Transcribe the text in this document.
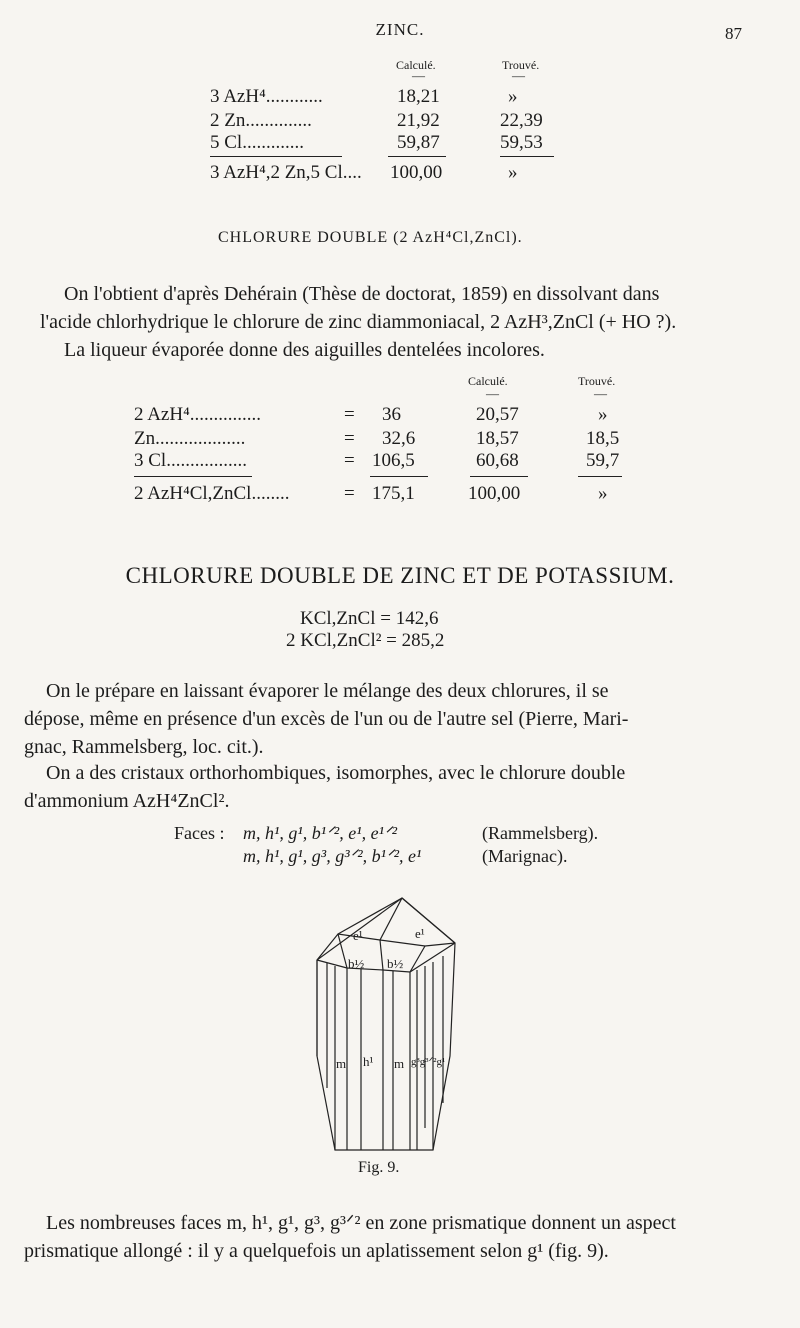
ZINC.	87
Calculé.	Trouvé.
—	—
3 AzH⁴............	18,21	»
2 Zn..............	21,92	22,39
5 Cl.............	59,87	59,53
3 AzH⁴,2 Zn,5 Cl.... 100,00	»
CHLORURE DOUBLE (2 AzH⁴Cl,ZnCl).
On l'obtient d'après Dehérain (Thèse de doctorat, 1859) en dissolvant dans
l'acide chlorhydrique le chlorure de zinc diammoniacal, 2 AzH³,ZnCl (+ HO ?).
La liqueur évaporée donne des aiguilles dentelées incolores.
Calculé.	Trouvé.
—	—
2 AzH⁴...............	= 36	20,57	»
Zn...................	= 32,6	18,57	18,5
3 Cl.................	= 106,5	60,68	59,7
2 AzH⁴Cl,ZnCl........	= 175,1	100,00	»
CHLORURE DOUBLE DE ZINC ET DE POTASSIUM.
KCl,ZnCl = 142,6
2 KCl,ZnCl² = 285,2
On le prépare en laissant évaporer le mélange des deux chlorures, il se
dépose, même en présence d'un excès de l'un ou de l'autre sel (Pierre, Mari-
gnac, Rammelsberg, loc. cit.).
On a des cristaux orthorhombiques, isomorphes, avec le chlorure double
d'ammonium AzH⁴ZnCl².
Faces : m, h¹, g¹, b¹ᐟ², e¹, e¹ᐟ²	(Rammelsberg).
m, h¹, g¹, g³, g³ᐟ², b¹ᐟ², e¹	(Marignac).
e¹	e¹
b½ b½
m h¹ m g³g³ᐟ²g¹
Fig. 9.
Les nombreuses faces m, h¹, g¹, g³, g³ᐟ² en zone prismatique donnent un aspect
prismatique allongé : il y a quelquefois un aplatissement selon g¹ (fig. 9).
